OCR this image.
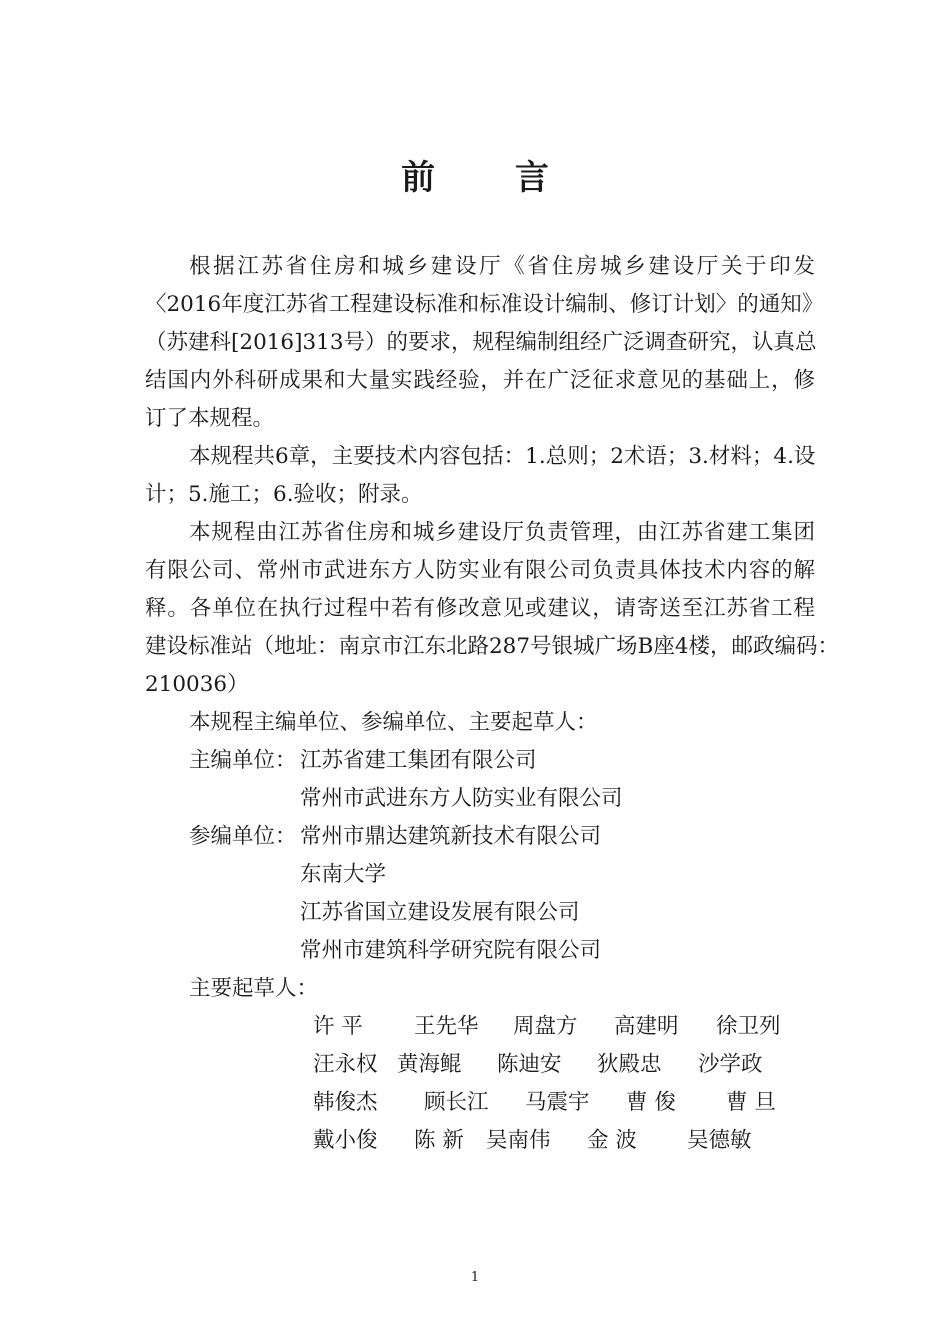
前 言
根据江苏省住房和城乡建设厅《省住房城乡建设厅关于印发
〈2016年度江苏省工程建设标准和标准设计编制、修订计划〉的通知》
（苏建科[2016]313号）的要求，规程编制组经广泛调查研究，认真总
结国内外科研成果和大量实践经验，并在广泛征求意见的基础上，修
订了本规程。
本规程共6章，主要技术内容包括：1.总则；2术语；3.材料；4.设
计；5.施工；6.验收；附录。
本规程由江苏省住房和城乡建设厅负责管理，由江苏省建工集团
有限公司、常州市武进东方人防实业有限公司负责具体技术内容的解
释。各单位在执行过程中若有修改意见或建议，请寄送至江苏省工程
建设标准站（地址：南京市江东北路287号银城广场B座4楼，邮政编码：
210036）
本规程主编单位、参编单位、主要起草人：
主编单位： 江苏省建工集团有限公司
常州市武进东方人防实业有限公司
参编单位： 常州市鼎达建筑新技术有限公司
东南大学
江苏省国立建设发展有限公司
常州市建筑科学研究院有限公司
主要起草人：
许 平 王先华 周盘方 高建明 徐卫列
汪永权 黄海鲲 陈迪安 狄殿忠 沙学政
韩俊杰 顾长江 马震宇 曹 俊 曹 旦
戴小俊 陈 新 吴南伟 金 波 吴德敏
1
